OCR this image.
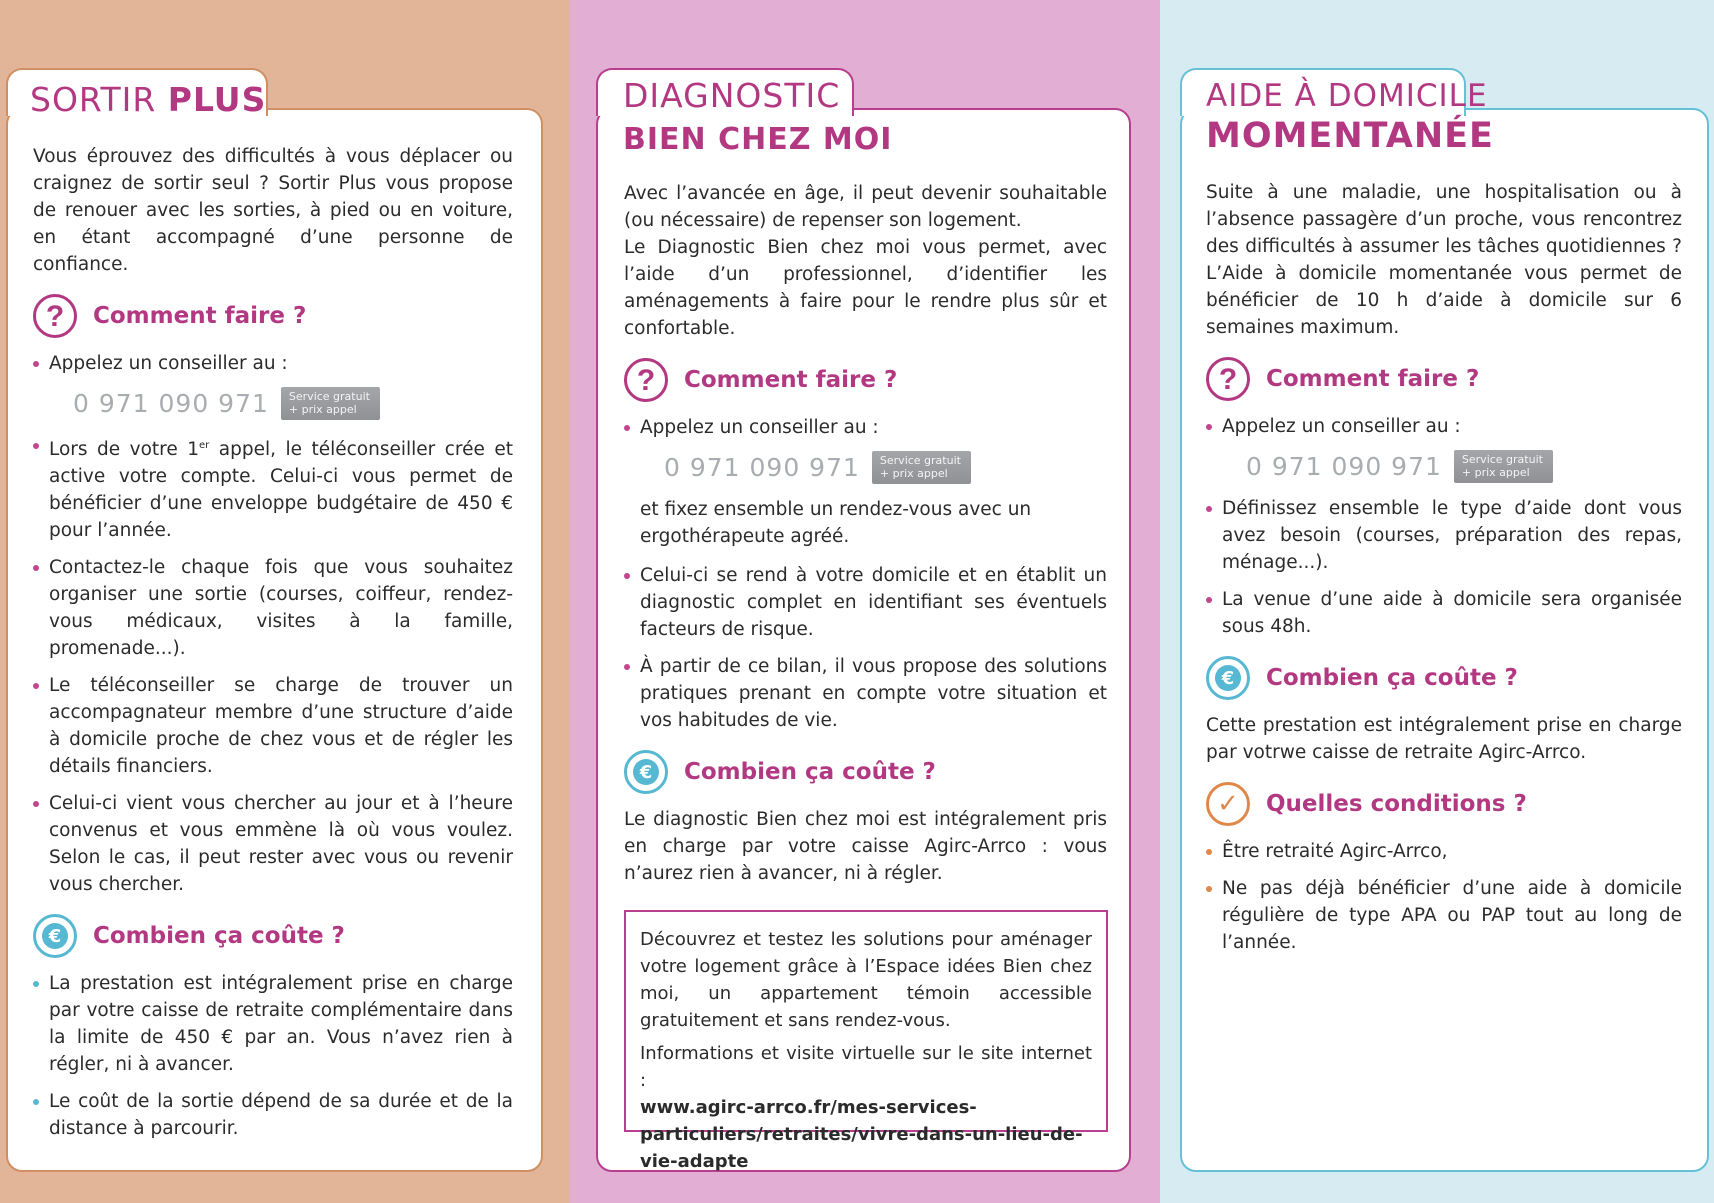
SORTIR PLUS	DIAGNOSTIC
BIEN CHEZ MOI
AIDE À DOMICILE
MOMENTANÉE

Vous éprouvez des difficultés à vous déplacer ou craignez de sortir seul ? Sortir Plus vous propose de renouer avec les sorties, à pied ou en voiture, en étant accompagné d’une personne de confiance.

?	Comment faire ?
Appelez un conseiller au :
0 971 090 971	Service gratuit
+ prix appel
Lors de votre 1er appel, le téléconseiller crée et active votre compte. Celui-ci vous permet de bénéficier d’une enveloppe budgétaire de 450 € pour l’année.
Contactez-le chaque fois que vous souhaitez organiser une sortie (courses, coiffeur, rendez-vous médicaux, visites à la famille, promenade...).
Le téléconseiller se charge de trouver un accompagnateur membre d’une structure d’aide à domicile proche de chez vous et de régler les détails financiers.
Celui-ci vient vous chercher au jour et à l’heure convenus et vous emmène là où vous voulez. Selon le cas, il peut rester avec vous ou revenir vous chercher.
€ Combien ça coûte ?
La prestation est intégralement prise en charge par votre caisse de retraite complémentaire dans la limite de 450 € par an. Vous n’avez rien à régler, ni à avancer.
Le coût de la sortie dépend de sa durée et de la distance à parcourir.

Avec l’avancée en âge, il peut devenir souhaitable (ou nécessaire) de repenser son logement.

Le Diagnostic Bien chez moi vous permet, avec l’aide d’un professionnel, d’identifier les aménagements à faire pour le rendre plus sûr et confortable.

?	Comment faire ?
Appelez un conseiller au :
0 971 090 971	Service gratuit
+ prix appel

et fixez ensemble un rendez-vous avec un ergothérapeute agréé.

Celui-ci se rend à votre domicile et en établit un diagnostic complet en identifiant ses éventuels facteurs de risque.
À partir de ce bilan, il vous propose des solutions pratiques prenant en compte votre situation et vos habitudes de vie.
€ Combien ça coûte ?

Le diagnostic Bien chez moi est intégralement pris en charge par votre caisse Agirc-Arrco : vous n’aurez rien à avancer, ni à régler.

Découvrez et testez les solutions pour aménager votre logement grâce à l’Espace idées Bien chez moi, un appartement témoin accessible gratuitement et sans rendez-vous.

Informations et visite virtuelle sur le site internet :

www.agirc-arrco.fr/mes-services-particuliers/retraites/vivre-dans-un-lieu-de-vie-adapte

Suite à une maladie, une hospitalisation ou à l’absence passagère d’un proche, vous rencontrez des difficultés à assumer les tâches quotidiennes ? L’Aide à domicile momentanée vous permet de bénéficier de 10 h d’aide à domicile sur 6 semaines maximum.

?	Comment faire ?
Appelez un conseiller au :
0 971 090 971	Service gratuit
+ prix appel
Définissez ensemble le type d’aide dont vous avez besoin (courses, préparation des repas, ménage...).
La venue d’une aide à domicile sera organisée sous 48h.
€ Combien ça coûte ?

Cette prestation est intégralement prise en charge par votrwe caisse de retraite Agirc-Arrco.

✓	Quelles conditions ?
Être retraité Agirc-Arrco,
Ne pas déjà bénéficier d’une aide à domicile régulière de type APA ou PAP tout au long de l’année.
